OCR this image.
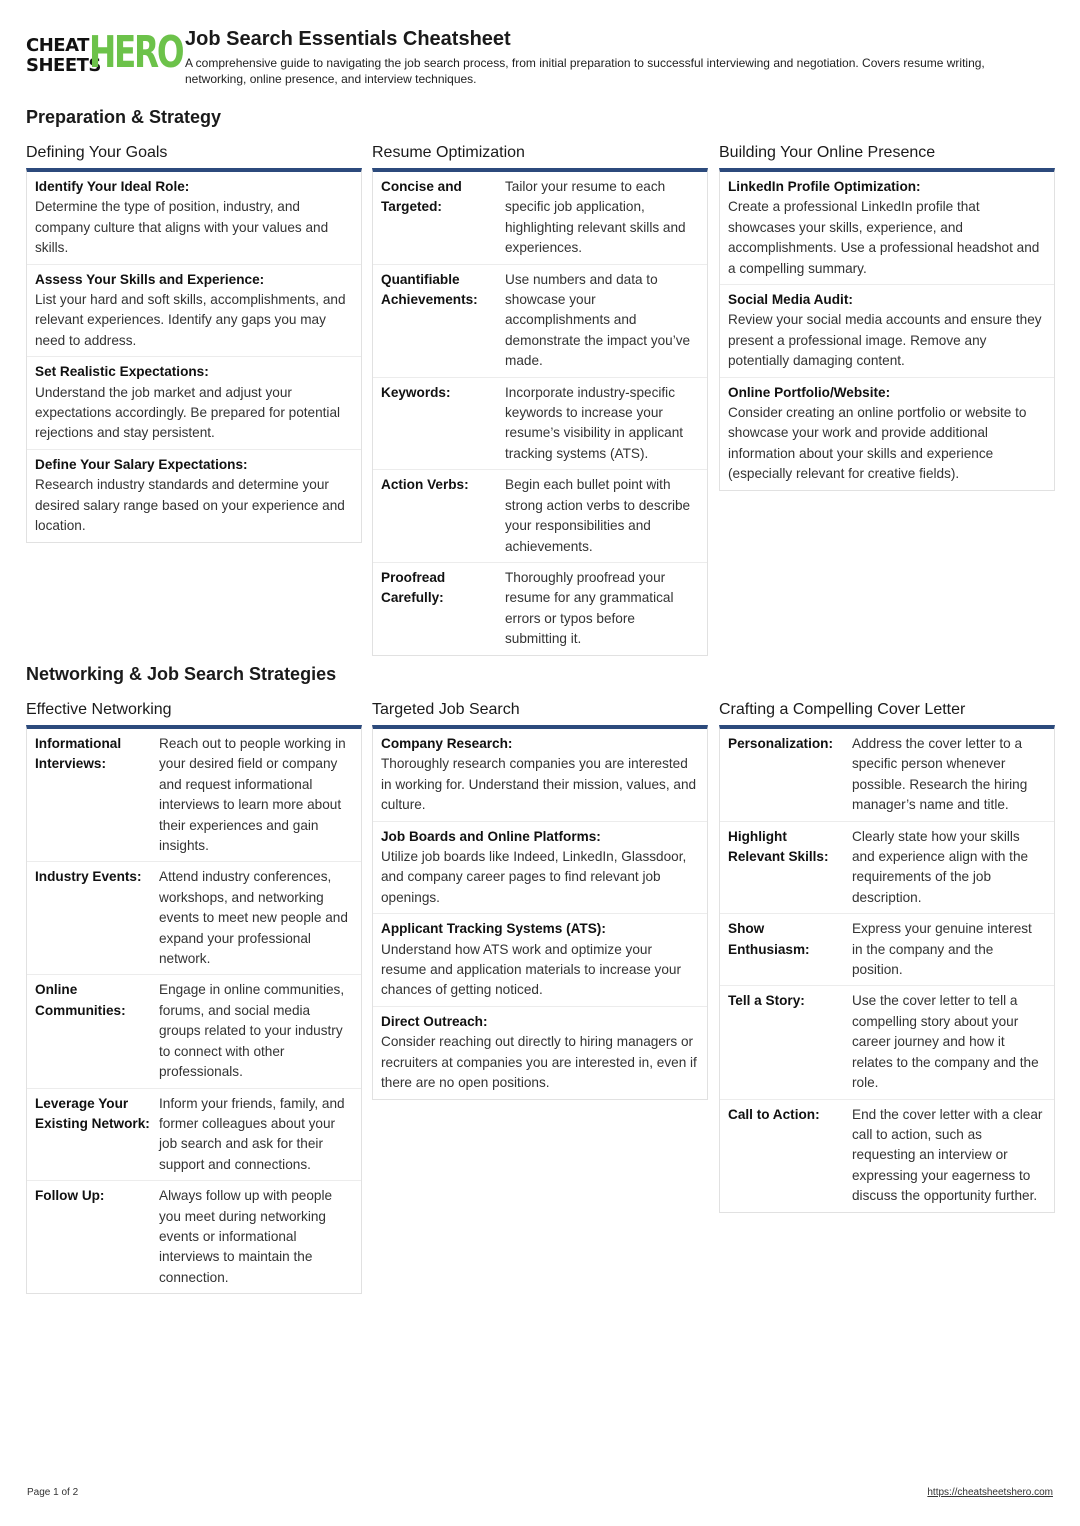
CHEAT
SHEETS
HERO Job Search Essentials Cheatsheet
A comprehensive guide to navigating the job search process, from initial preparation to successful interviewing and negotiation. Covers resume writing, networking, online presence, and interview techniques.
Preparation & Strategy
Defining Your Goals
Identify Your Ideal Role:
Determine the type of position, industry, and company culture that aligns with your values and skills.
Assess Your Skills and Experience:
List your hard and soft skills, accomplishments, and relevant experiences. Identify any gaps you may need to address.
Set Realistic Expectations:
Understand the job market and adjust your expectations accordingly. Be prepared for potential rejections and stay persistent.
Define Your Salary Expectations:
Research industry standards and determine your desired salary range based on your experience and location.
Resume Optimization
Concise and Targeted:
Tailor your resume to each specific job application, highlighting relevant skills and experiences.
Quantifiable Achievements:
Use numbers and data to showcase your accomplishments and demonstrate the impact you’ve made.
Keywords:	Incorporate industry-specific keywords to increase your resume’s visibility in applicant tracking systems (ATS).
Action Verbs:	Begin each bullet point with strong action verbs to describe your responsibilities and achievements.
Proofread Carefully:
Thoroughly proofread your resume for any grammatical errors or typos before submitting it.
Building Your Online Presence
LinkedIn Profile Optimization:
Create a professional LinkedIn profile that showcases your skills, experience, and accomplishments. Use a professional headshot and a compelling summary.
Social Media Audit:
Review your social media accounts and ensure they present a professional image. Remove any potentially damaging content.
Online Portfolio/Website:
Consider creating an online portfolio or website to showcase your work and provide additional information about your skills and experience (especially relevant for creative fields).
Networking & Job Search Strategies
Effective Networking
Informational Interviews:
Reach out to people working in your desired field or company and request informational interviews to learn more about their experiences and gain insights.
Industry Events:	Attend industry conferences, workshops, and networking events to meet new people and expand your professional network.
Online Communities:
Engage in online communities, forums, and social media groups related to your industry to connect with other professionals.
Leverage Your Existing Network:
Inform your friends, family, and former colleagues about your job search and ask for their support and connections.
Follow Up:	Always follow up with people you meet during networking events or informational interviews to maintain the connection.
Targeted Job Search
Company Research:
Thoroughly research companies you are interested in working for. Understand their mission, values, and culture.
Job Boards and Online Platforms:
Utilize job boards like Indeed, LinkedIn, Glassdoor, and company career pages to find relevant job openings.
Applicant Tracking Systems (ATS):
Understand how ATS work and optimize your resume and application materials to increase your chances of getting noticed.
Direct Outreach:
Consider reaching out directly to hiring managers or recruiters at companies you are interested in, even if there are no open positions.
Crafting a Compelling Cover Letter
Personalization:	Address the cover letter to a specific person whenever possible. Research the hiring manager’s name and title.
Highlight Relevant Skills:
Clearly state how your skills and experience align with the requirements of the job description.
Show Enthusiasm:
Express your genuine interest in the company and the position.
Tell a Story:	Use the cover letter to tell a compelling story about your career journey and how it relates to the company and the role.
Call to Action:	End the cover letter with a clear call to action, such as requesting an interview or expressing your eagerness to discuss the opportunity further.
Page 1 of 2	https://cheatsheetshero.com
